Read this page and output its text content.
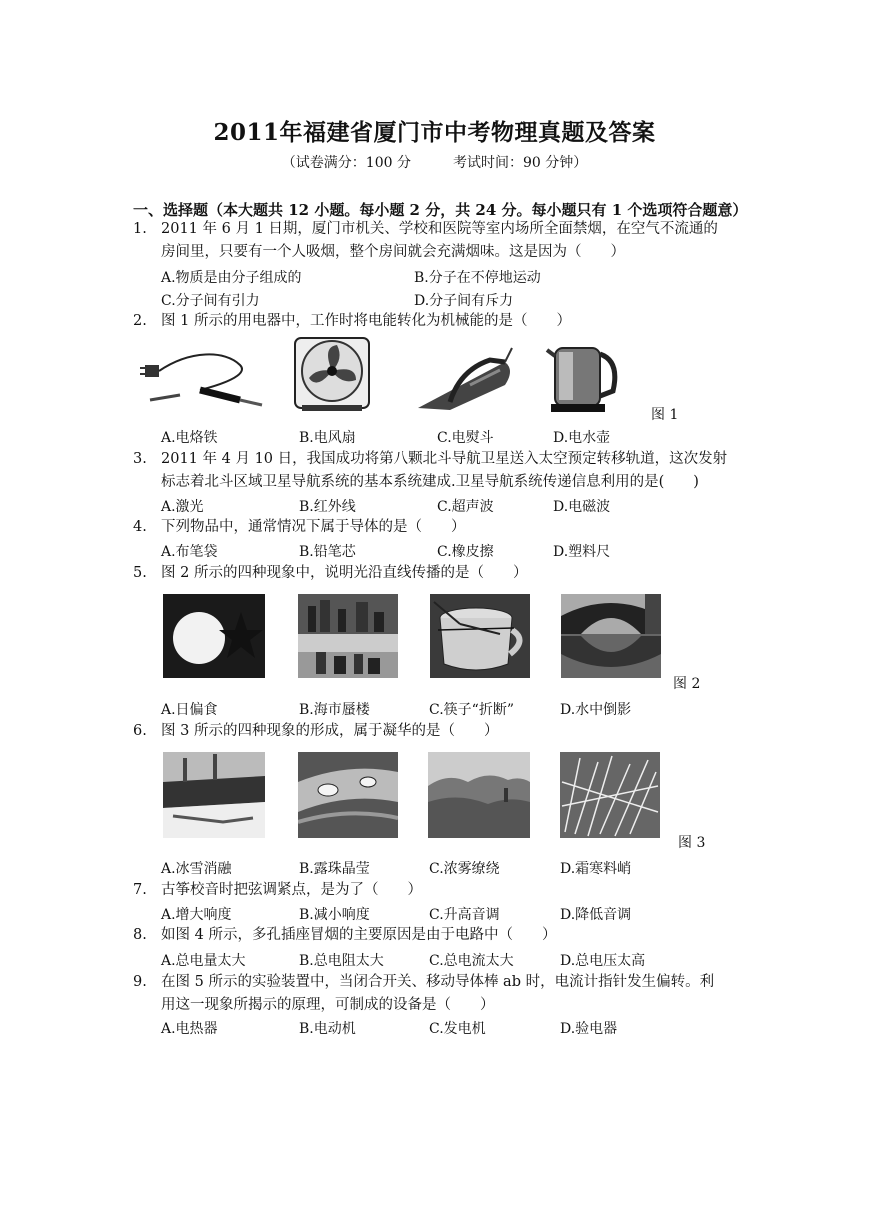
2011年福建省厦门市中考物理真题及答案
（试卷满分：100 分　　　考试时间：90 分钟）
一、选择题（本大题共 12 小题。每小题 2 分，共 24 分。每小题只有 1 个选项符合题意）
1. 2011 年 6 月 1 日期，厦门市机关、学校和医院等室内场所全面禁烟，在空气不流通的
房间里，只要有一个人吸烟，整个房间就会充满烟味。这是因为（　　）
A.物质是由分子组成的	B.分子在不停地运动
C.分子间有引力	D.分子间有斥力
2. 图 1 所示的用电器中，工作时将电能转化为机械能的是（　　）
图 1
A.电烙铁	B.电风扇	C.电熨斗	D.电水壶
3. 2011 年 4 月 10 日，我国成功将第八颗北斗导航卫星送入太空预定转移轨道，这次发射
标志着北斗区域卫星导航系统的基本系统建成.卫星导航系统传递信息利用的是(　　)
A.激光	B.红外线	C.超声波	D.电磁波
4. 下列物品中，通常情况下属于导体的是（　　）
A.布笔袋	B.铅笔芯	C.橡皮擦	D.塑料尺
5. 图 2 所示的四种现象中，说明光沿直线传播的是（　　）
图 2
A.日偏食	B.海市蜃楼	C.筷子“折断”	D.水中倒影
6. 图 3 所示的四种现象的形成，属于凝华的是（　　）
图 3
A.冰雪消融	B.露珠晶莹	C.浓雾缭绕	D.霜寒料峭
7. 古筝校音时把弦调紧点，是为了（　　）
A.增大响度	B.减小响度	C.升高音调	D.降低音调
8. 如图 4 所示，多孔插座冒烟的主要原因是由于电路中（　　）
A.总电量太大	B.总电阻太大	C.总电流太大	D.总电压太高
9. 在图 5 所示的实验装置中，当闭合开关、移动导体棒 ab 时，电流计指针发生偏转。利
用这一现象所揭示的原理，可制成的设备是（　　）
A.电热器	B.电动机	C.发电机	D.验电器
